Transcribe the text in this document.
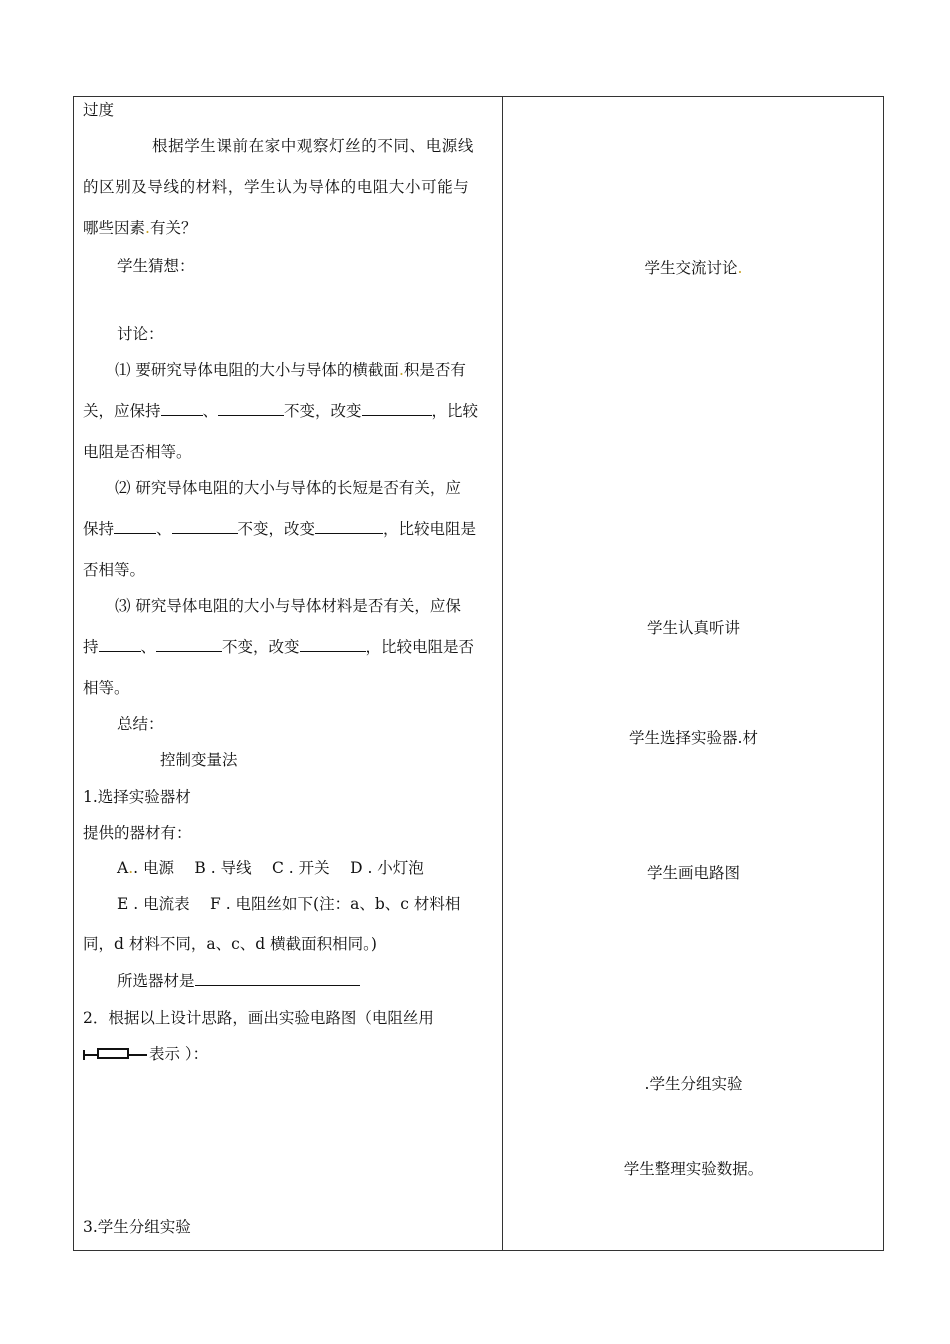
过度
根据学生课前在家中观察灯丝的不同、电源线
的区别及导线的材料，学生认为导体的电阻大小可能与
哪些因素.有关？
学生猜想：
讨论：
⑴ 要研究导体电阻的大小与导体的横截面.积是否有
关，应保持	、	不变，改变	，比较
电阻是否相等。
⑵ 研究导体电阻的大小与导体的长短是否有关，应
保持	、	不变，改变	，比较电阻是
否相等。
⑶ 研究导体电阻的大小与导体材料是否有关，应保
持	、	不变，改变	，比较电阻是否
相等。
总结：
控制变量法
1.选择实验器材
提供的器材有：
A.. 电源　 B . 导线　 C . 开关　 D . 小灯泡
E . 电流表　 F . 电阻丝如下(注：a、b、c 材料相
同，d 材料不同，a、c、d 横截面积相同。)
所选器材是
2．根据以上设计思路，画出实验电路图（电阻丝用
表示 ）：
3.学生分组实验
学生交流讨论.
学生认真听讲
学生选择实验器.材
学生画电路图
.学生分组实验
学生整理实验数据。
